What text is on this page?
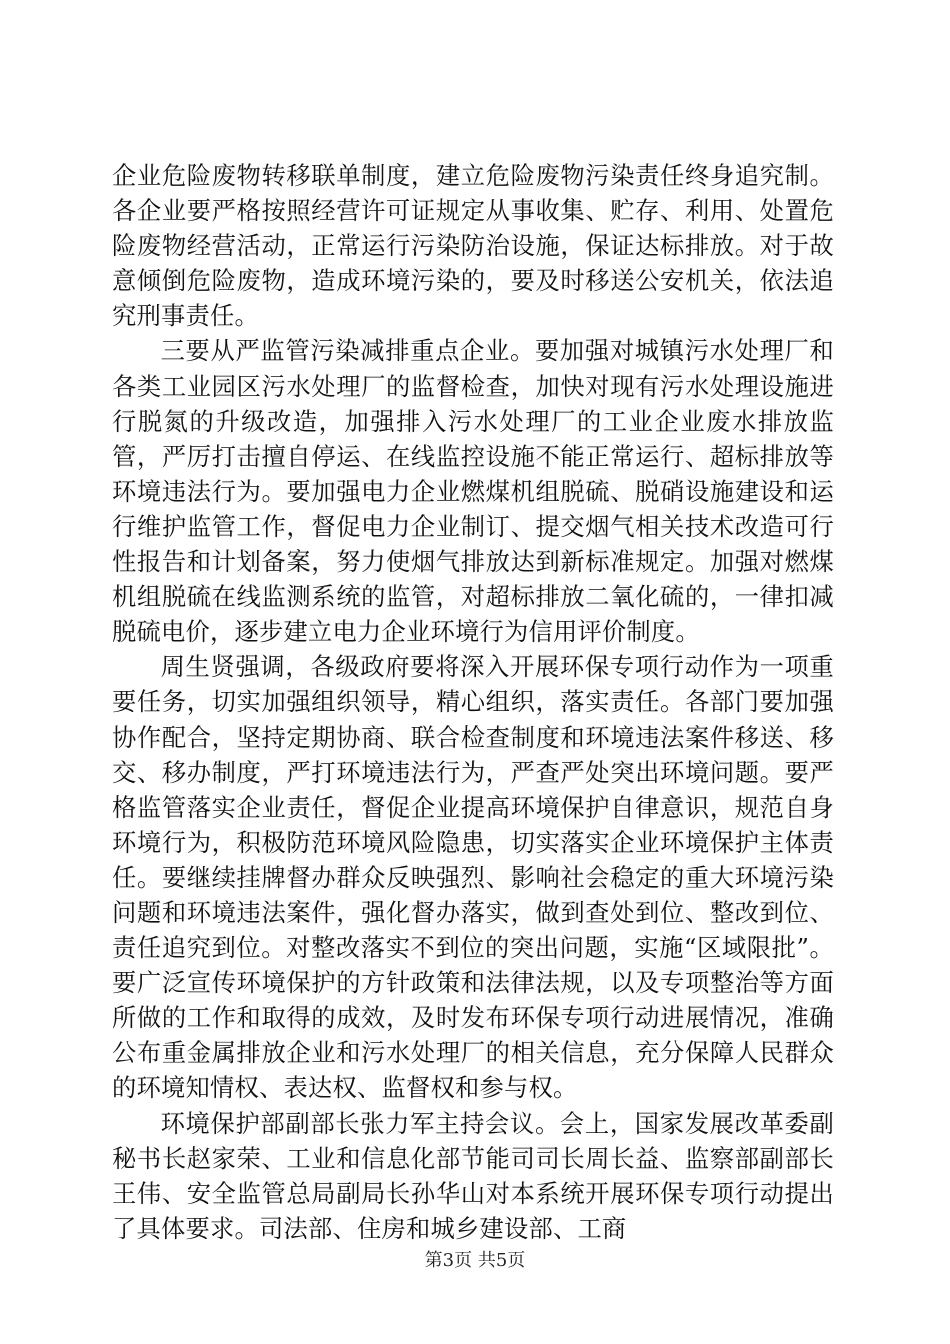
企业危险废物转移联单制度，建立危险废物污染责任终身追究制。各企业要严格按照经营许可证规定从事收集、贮存、利用、处置危险废物经营活动，正常运行污染防治设施，保证达标排放。对于故意倾倒危险废物，造成环境污染的，要及时移送公安机关，依法追究刑事责任。

三要从严监管污染减排重点企业。要加强对城镇污水处理厂和各类工业园区污水处理厂的监督检查，加快对现有污水处理设施进行脱氮的升级改造，加强排入污水处理厂的工业企业废水排放监管，严厉打击擅自停运、在线监控设施不能正常运行、超标排放等环境违法行为。要加强电力企业燃煤机组脱硫、脱硝设施建设和运行维护监管工作，督促电力企业制订、提交烟气相关技术改造可行性报告和计划备案，努力使烟气排放达到新标准规定。加强对燃煤机组脱硫在线监测系统的监管，对超标排放二氧化硫的，一律扣减脱硫电价，逐步建立电力企业环境行为信用评价制度。

周生贤强调，各级政府要将深入开展环保专项行动作为一项重要任务，切实加强组织领导，精心组织，落实责任。各部门要加强协作配合，坚持定期协商、联合检查制度和环境违法案件移送、移交、移办制度，严打环境违法行为，严查严处突出环境问题。要严格监管落实企业责任，督促企业提高环境保护自律意识，规范自身环境行为，积极防范环境风险隐患，切实落实企业环境保护主体责任。要继续挂牌督办群众反映强烈、影响社会稳定的重大环境污染问题和环境违法案件，强化督办落实，做到查处到位、整改到位、责任追究到位。对整改落实不到位的突出问题，实施“区域限批”。要广泛宣传环境保护的方针政策和法律法规，以及专项整治等方面所做的工作和取得的成效，及时发布环保专项行动进展情况，准确公布重金属排放企业和污水处理厂的相关信息，充分保障人民群众的环境知情权、表达权、监督权和参与权。

环境保护部副部长张力军主持会议。会上，国家发展改革委副秘书长赵家荣、工业和信息化部节能司司长周长益、监察部副部长王伟、安全监管总局副局长孙华山对本系统开展环保专项行动提出了具体要求。司法部、住房和城乡建设部、工商

第3页 共5页
